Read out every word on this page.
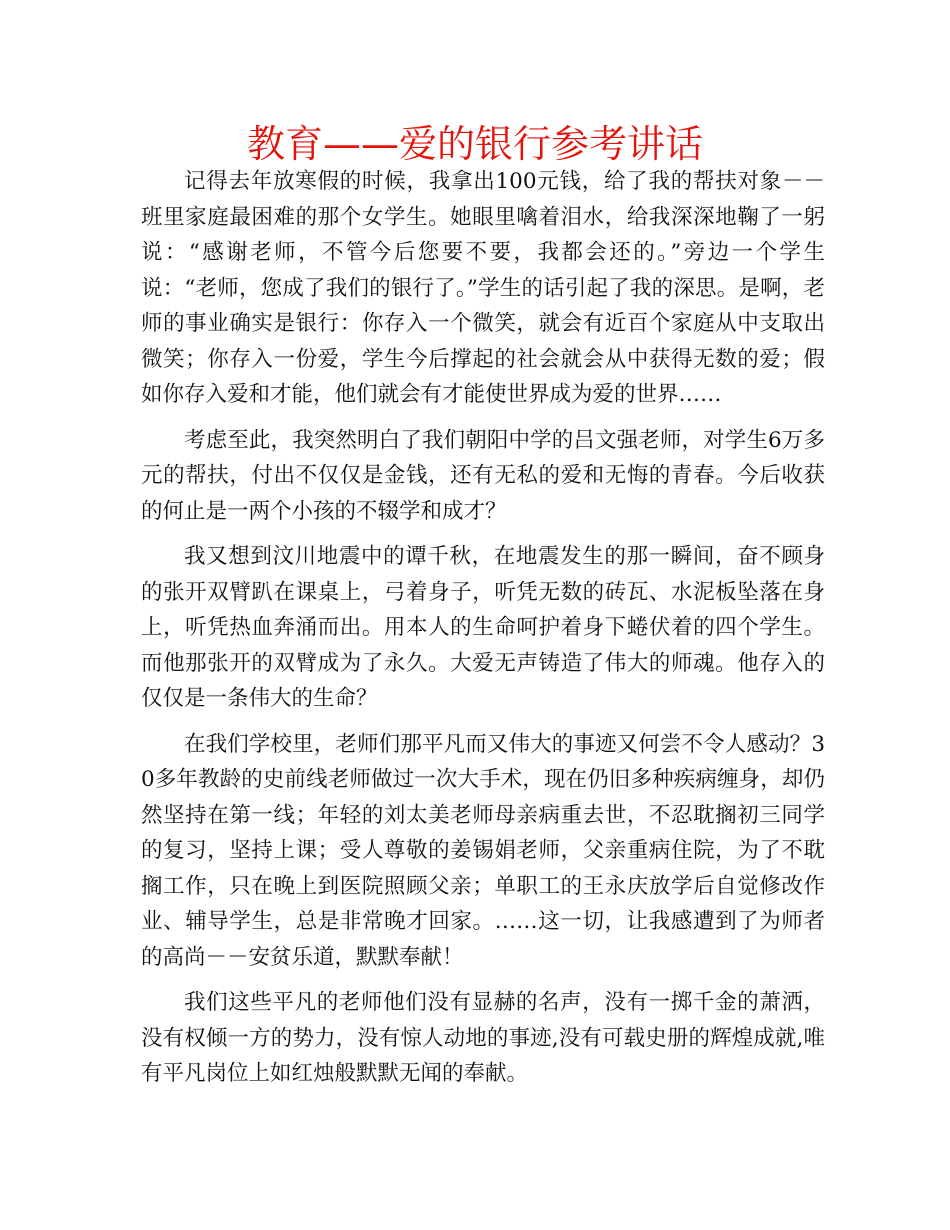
教育——爱的银行参考讲话

记得去年放寒假的时候，我拿出100元钱，给了我的帮扶对象－－班里家庭最困难的那个女学生。她眼里噙着泪水，给我深深地鞠了一躬说：“感谢老师，不管今后您要不要，我都会还的。”旁边一个学生说：“老师，您成了我们的银行了。”学生的话引起了我的深思。是啊，老师的事业确实是银行：你存入一个微笑，就会有近百个家庭从中支取出微笑；你存入一份爱，学生今后撑起的社会就会从中获得无数的爱；假如你存入爱和才能，他们就会有才能使世界成为爱的世界……

考虑至此，我突然明白了我们朝阳中学的吕文强老师，对学生6万多元的帮扶，付出不仅仅是金钱，还有无私的爱和无悔的青春。今后收获的何止是一两个小孩的不辍学和成才？

我又想到汶川地震中的谭千秋，在地震发生的那一瞬间，奋不顾身的张开双臂趴在课桌上，弓着身子，听凭无数的砖瓦、水泥板坠落在身上，听凭热血奔涌而出。用本人的生命呵护着身下蜷伏着的四个学生。而他那张开的双臂成为了永久。大爱无声铸造了伟大的师魂。他存入的仅仅是一条伟大的生命？

在我们学校里，老师们那平凡而又伟大的事迹又何尝不令人感动？30多年教龄的史前线老师做过一次大手术，现在仍旧多种疾病缠身，却仍然坚持在第一线；年轻的刘太美老师母亲病重去世，不忍耽搁初三同学的复习，坚持上课；受人尊敬的姜锡娟老师，父亲重病住院，为了不耽搁工作，只在晚上到医院照顾父亲；单职工的王永庆放学后自觉修改作业、辅导学生，总是非常晚才回家。……这一切，让我感遭到了为师者的高尚－－安贫乐道，默默奉献！

我们这些平凡的老师他们没有显赫的名声，没有一掷千金的萧洒，没有权倾一方的势力，没有惊人动地的事迹,没有可载史册的辉煌成就,唯有平凡岗位上如红烛般默默无闻的奉献。
